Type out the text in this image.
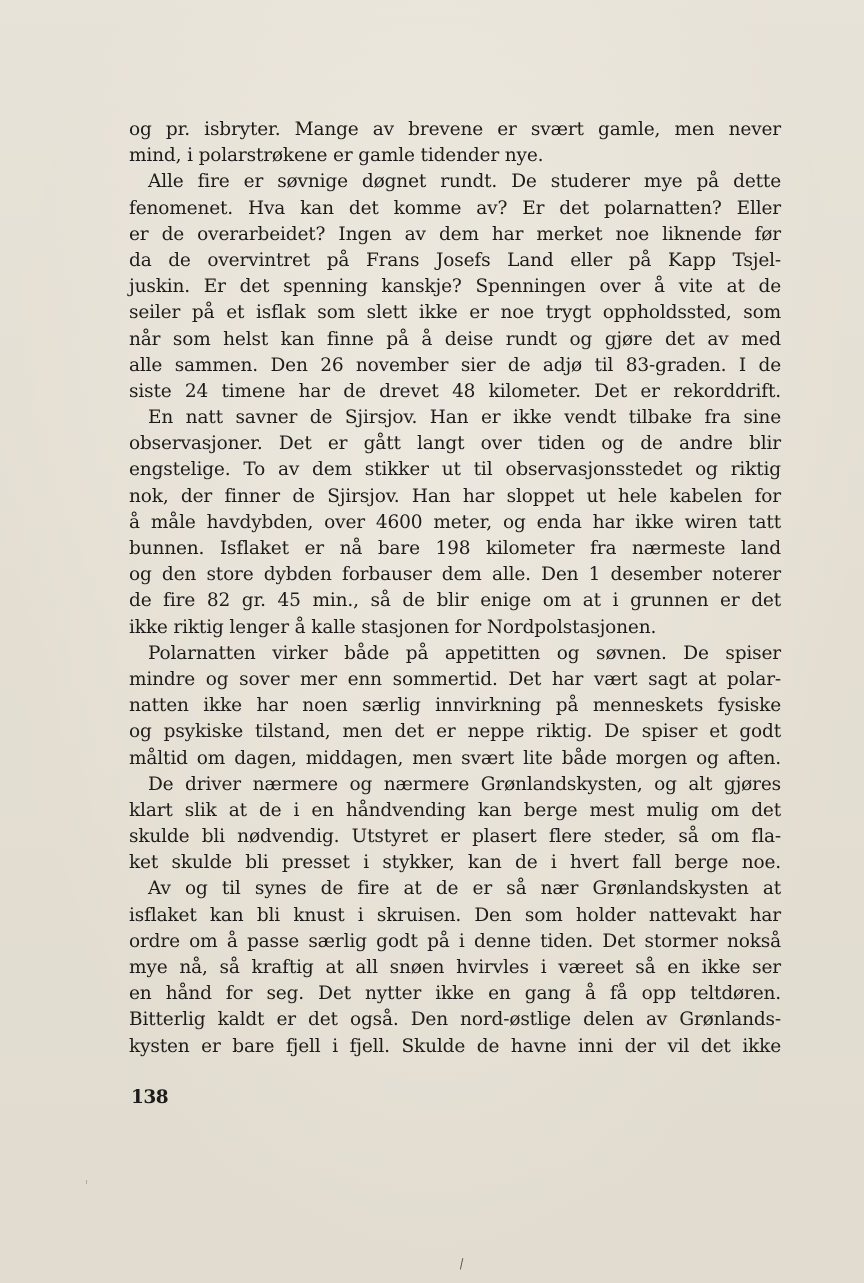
og pr. isbryter. Mange av brevene er svært gamle, men never
mind, i polarstrøkene er gamle tidender nye.

Alle fire er søvnige døgnet rundt. De studerer mye på dette
fenomenet. Hva kan det komme av? Er det polarnatten? Eller
er de overarbeidet? Ingen av dem har merket noe liknende før
da de overvintret på Frans Josefs Land eller på Kapp Tsjel-
juskin. Er det spenning kanskje? Spenningen over å vite at de
seiler på et isflak som slett ikke er noe trygt oppholdssted, som
når som helst kan finne på å deise rundt og gjøre det av med
alle sammen. Den 26 november sier de adjø til 83-graden. I de
siste 24 timene har de drevet 48 kilometer. Det er rekorddrift.

En natt savner de Sjirsjov. Han er ikke vendt tilbake fra sine
observasjoner. Det er gått langt over tiden og de andre blir
engstelige. To av dem stikker ut til observasjonsstedet og riktig
nok, der finner de Sjirsjov. Han har sloppet ut hele kabelen for
å måle havdybden, over 4600 meter, og enda har ikke wiren tatt
bunnen. Isflaket er nå bare 198 kilometer fra nærmeste land
og den store dybden forbauser dem alle. Den 1 desember noterer
de fire 82 gr. 45 min., så de blir enige om at i grunnen er det
ikke riktig lenger å kalle stasjonen for Nordpolstasjonen.

Polarnatten virker både på appetitten og søvnen. De spiser
mindre og sover mer enn sommertid. Det har vært sagt at polar-
natten ikke har noen særlig innvirkning på menneskets fysiske
og psykiske tilstand, men det er neppe riktig. De spiser et godt
måltid om dagen, middagen, men svært lite både morgen og aften.

De driver nærmere og nærmere Grønlandskysten, og alt gjøres
klart slik at de i en håndvending kan berge mest mulig om det
skulde bli nødvendig. Utstyret er plasert flere steder, så om fla-
ket skulde bli presset i stykker, kan de i hvert fall berge noe.

Av og til synes de fire at de er så nær Grønlandskysten at
isflaket kan bli knust i skruisen. Den som holder nattevakt har
ordre om å passe særlig godt på i denne tiden. Det stormer nokså
mye nå, så kraftig at all snøen hvirvles i væreet så en ikke ser
en hånd for seg. Det nytter ikke en gang å få opp teltdøren.
Bitterlig kaldt er det også. Den nord-østlige delen av Grønlands-
kysten er bare fjell i fjell. Skulde de havne inni der vil det ikke

138
